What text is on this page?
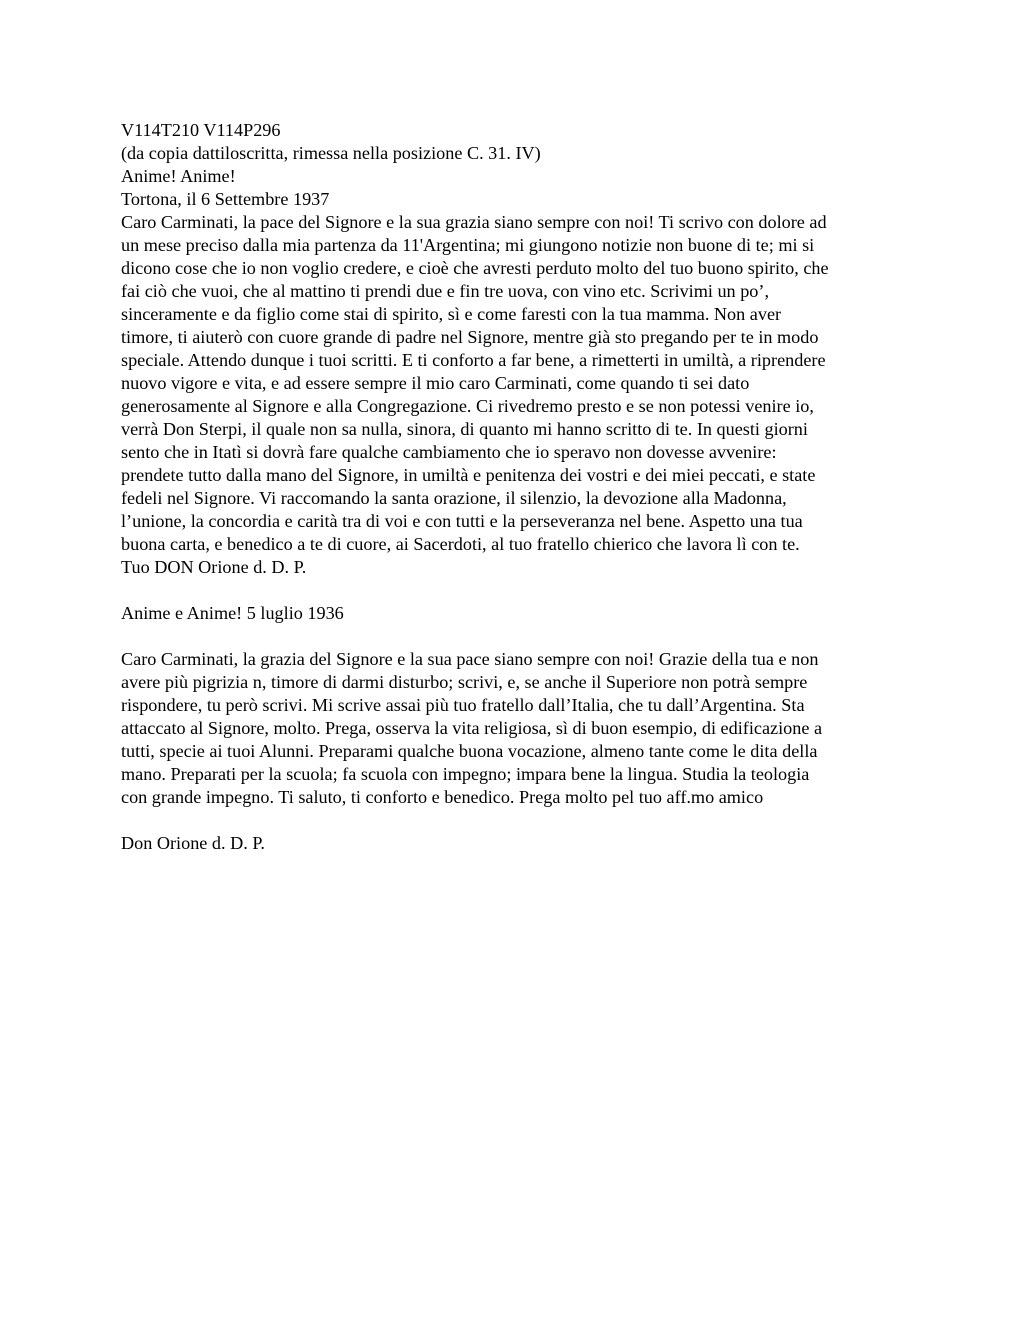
V114T210 V114P296
(da copia dattiloscritta, rimessa nella posizione C. 31. IV)
Anime! Anime!
Tortona, il 6 Settembre 1937
Caro Carminati, la pace del Signore e la sua grazia siano sempre con noi! Ti scrivo con dolore ad
un mese preciso dalla mia partenza da 11'Argentina; mi giungono notizie non buone di te; mi si
dicono cose che io non voglio credere, e cioè che avresti perduto molto del tuo buono spirito, che
fai ciò che vuoi, che al mattino ti prendi due e fin tre uova, con vino etc. Scrivimi un po’,
sinceramente e da figlio come stai di spirito, sì e come faresti con la tua mamma. Non aver
timore, ti aiuterò con cuore grande di padre nel Signore, mentre già sto pregando per te in modo
speciale. Attendo dunque i tuoi scritti. E ti conforto a far bene, a rimetterti in umiltà, a riprendere
nuovo vigore e vita, e ad essere sempre il mio caro Carminati, come quando ti sei dato
generosamente al Signore e alla Congregazione. Ci rivedremo presto e se non potessi venire io,
verrà Don Sterpi, il quale non sa nulla, sinora, di quanto mi hanno scritto di te. In questi giorni
sento che in Itatì si dovrà fare qualche cambiamento che io speravo non dovesse avvenire:
prendete tutto dalla mano del Signore, in umiltà e penitenza dei vostri e dei miei peccati, e state
fedeli nel Signore. Vi raccomando la santa orazione, il silenzio, la devozione alla Madonna,
l’unione, la concordia e carità tra di voi e con tutti e la perseveranza nel bene. Aspetto una tua
buona carta, e benedico a te di cuore, ai Sacerdoti, al tuo fratello chierico che lavora lì con te.
Tuo DON Orione d. D. P.
Anime e Anime! 5 luglio 1936
Caro Carminati, la grazia del Signore e la sua pace siano sempre con noi! Grazie della tua e non
avere più pigrizia n, timore di darmi disturbo; scrivi, e, se anche il Superiore non potrà sempre
rispondere, tu però scrivi. Mi scrive assai più tuo fratello dall’Italia, che tu dall’Argentina. Sta
attaccato al Signore, molto. Prega, osserva la vita religiosa, sì di buon esempio, di edificazione a
tutti, specie ai tuoi Alunni. Preparami qualche buona vocazione, almeno tante come le dita della
mano. Preparati per la scuola; fa scuola con impegno; impara bene la lingua. Studia la teologia
con grande impegno. Ti saluto, ti conforto e benedico. Prega molto pel tuo aff.mo amico
Don Orione d. D. P.
